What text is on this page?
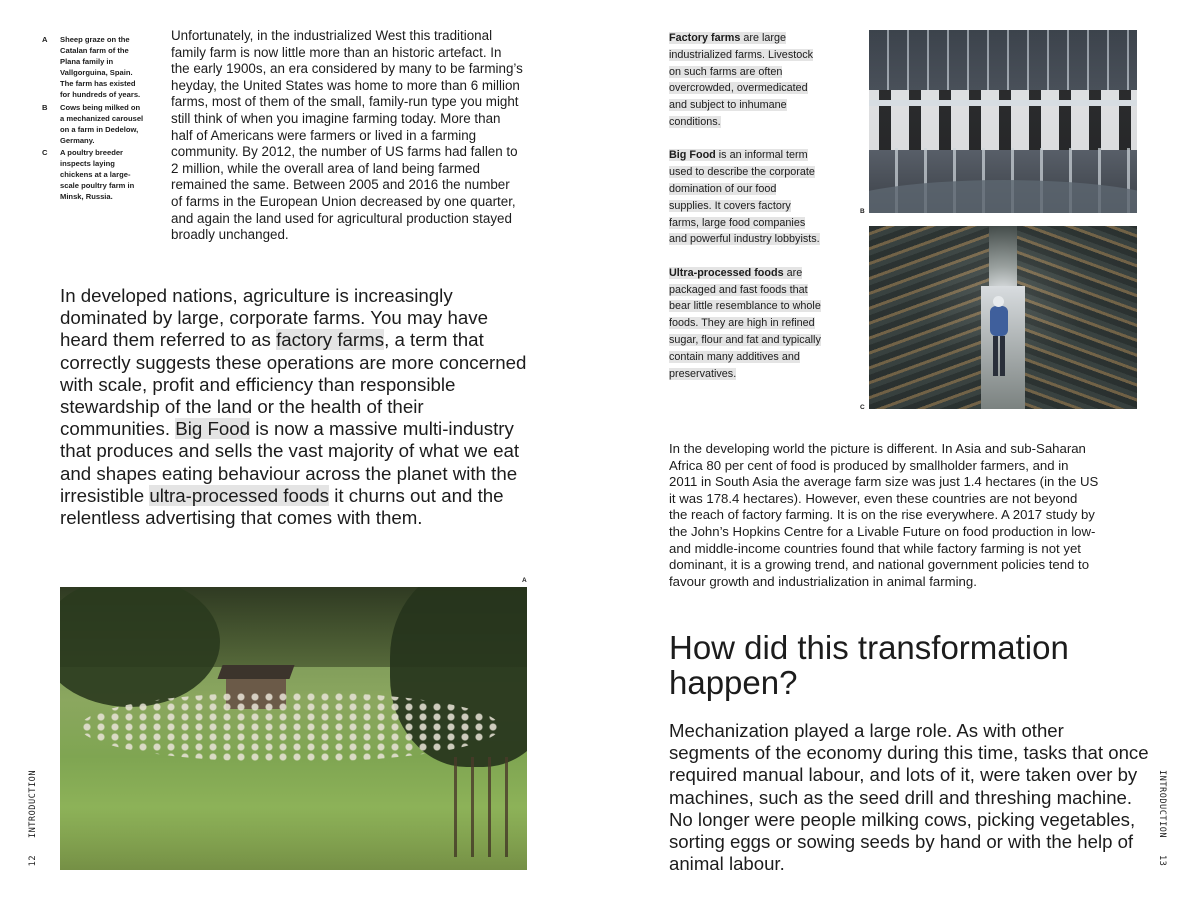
A	Sheep graze on the Catalan farm of the Plana family in Vallgorguina, Spain. The farm has existed for hundreds of years.
B	Cows being milked on a mechanized carousel on a farm in Dedelow, Germany.
C	A poultry breeder inspects laying chickens at a large-scale poultry farm in Minsk, Russia.

Unfortunately, in the industrialized West this traditional family farm is now little more than an historic artefact. In the early 1900s, an era considered by many to be farming’s heyday, the United States was home to more than 6 million farms, most of them of the small, family-run type you might still think of when you imagine farming today. More than half of Americans were farmers or lived in a farming community. By 2012, the number of US farms had fallen to 2 million, while the overall area of land being farmed remained the same. Between 2005 and 2016 the number of farms in the European Union decreased by one quarter, and again the land used for agricultural production stayed broadly unchanged.

In developed nations, agriculture is increasingly dominated by large, corporate farms. You may have heard them referred to as factory farms, a term that correctly suggests these operations are more concerned with scale, profit and efficiency than responsible stewardship of the land or the health of their communities. Big Food is now a massive multi-industry that produces and sells the vast majority of what we eat and shapes eating behaviour across the planet with the irresistible ultra-processed foods it churns out and the relentless advertising that comes with them.

A
INTRODUCTION
12
Factory farms are large industrialized farms. Livestock on such farms are often overcrowded, overmedicated and subject to inhumane conditions.
Big Food is an informal term used to describe the corporate domination of our food supplies. It covers factory farms, large food companies and powerful industry lobbyists.
Ultra-processed foods are packaged and fast foods that bear little resemblance to whole foods. They are high in refined sugar, flour and fat and typically contain many additives and preservatives.
B
C

In the developing world the picture is different. In Asia and sub-Saharan Africa 80 per cent of food is produced by smallholder farmers, and in 2011 in South Asia the average farm size was just 1.4 hectares (in the US it was 178.4 hectares). However, even these countries are not beyond the reach of factory farming. It is on the rise everywhere. A 2017 study by the John’s Hopkins Centre for a Livable Future on food production in low- and middle-income countries found that while factory farming is not yet dominant, it is a growing trend, and national government policies tend to favour growth and industrialization in animal farming.

How did this transformation happen?

Mechanization played a large role. As with other segments of the economy during this time, tasks that once required manual labour, and lots of it, were taken over by machines, such as the seed drill and threshing machine. No longer were people milking cows, picking vegetables, sorting eggs or sowing seeds by hand or with the help of animal labour.

INTRODUCTION
13
